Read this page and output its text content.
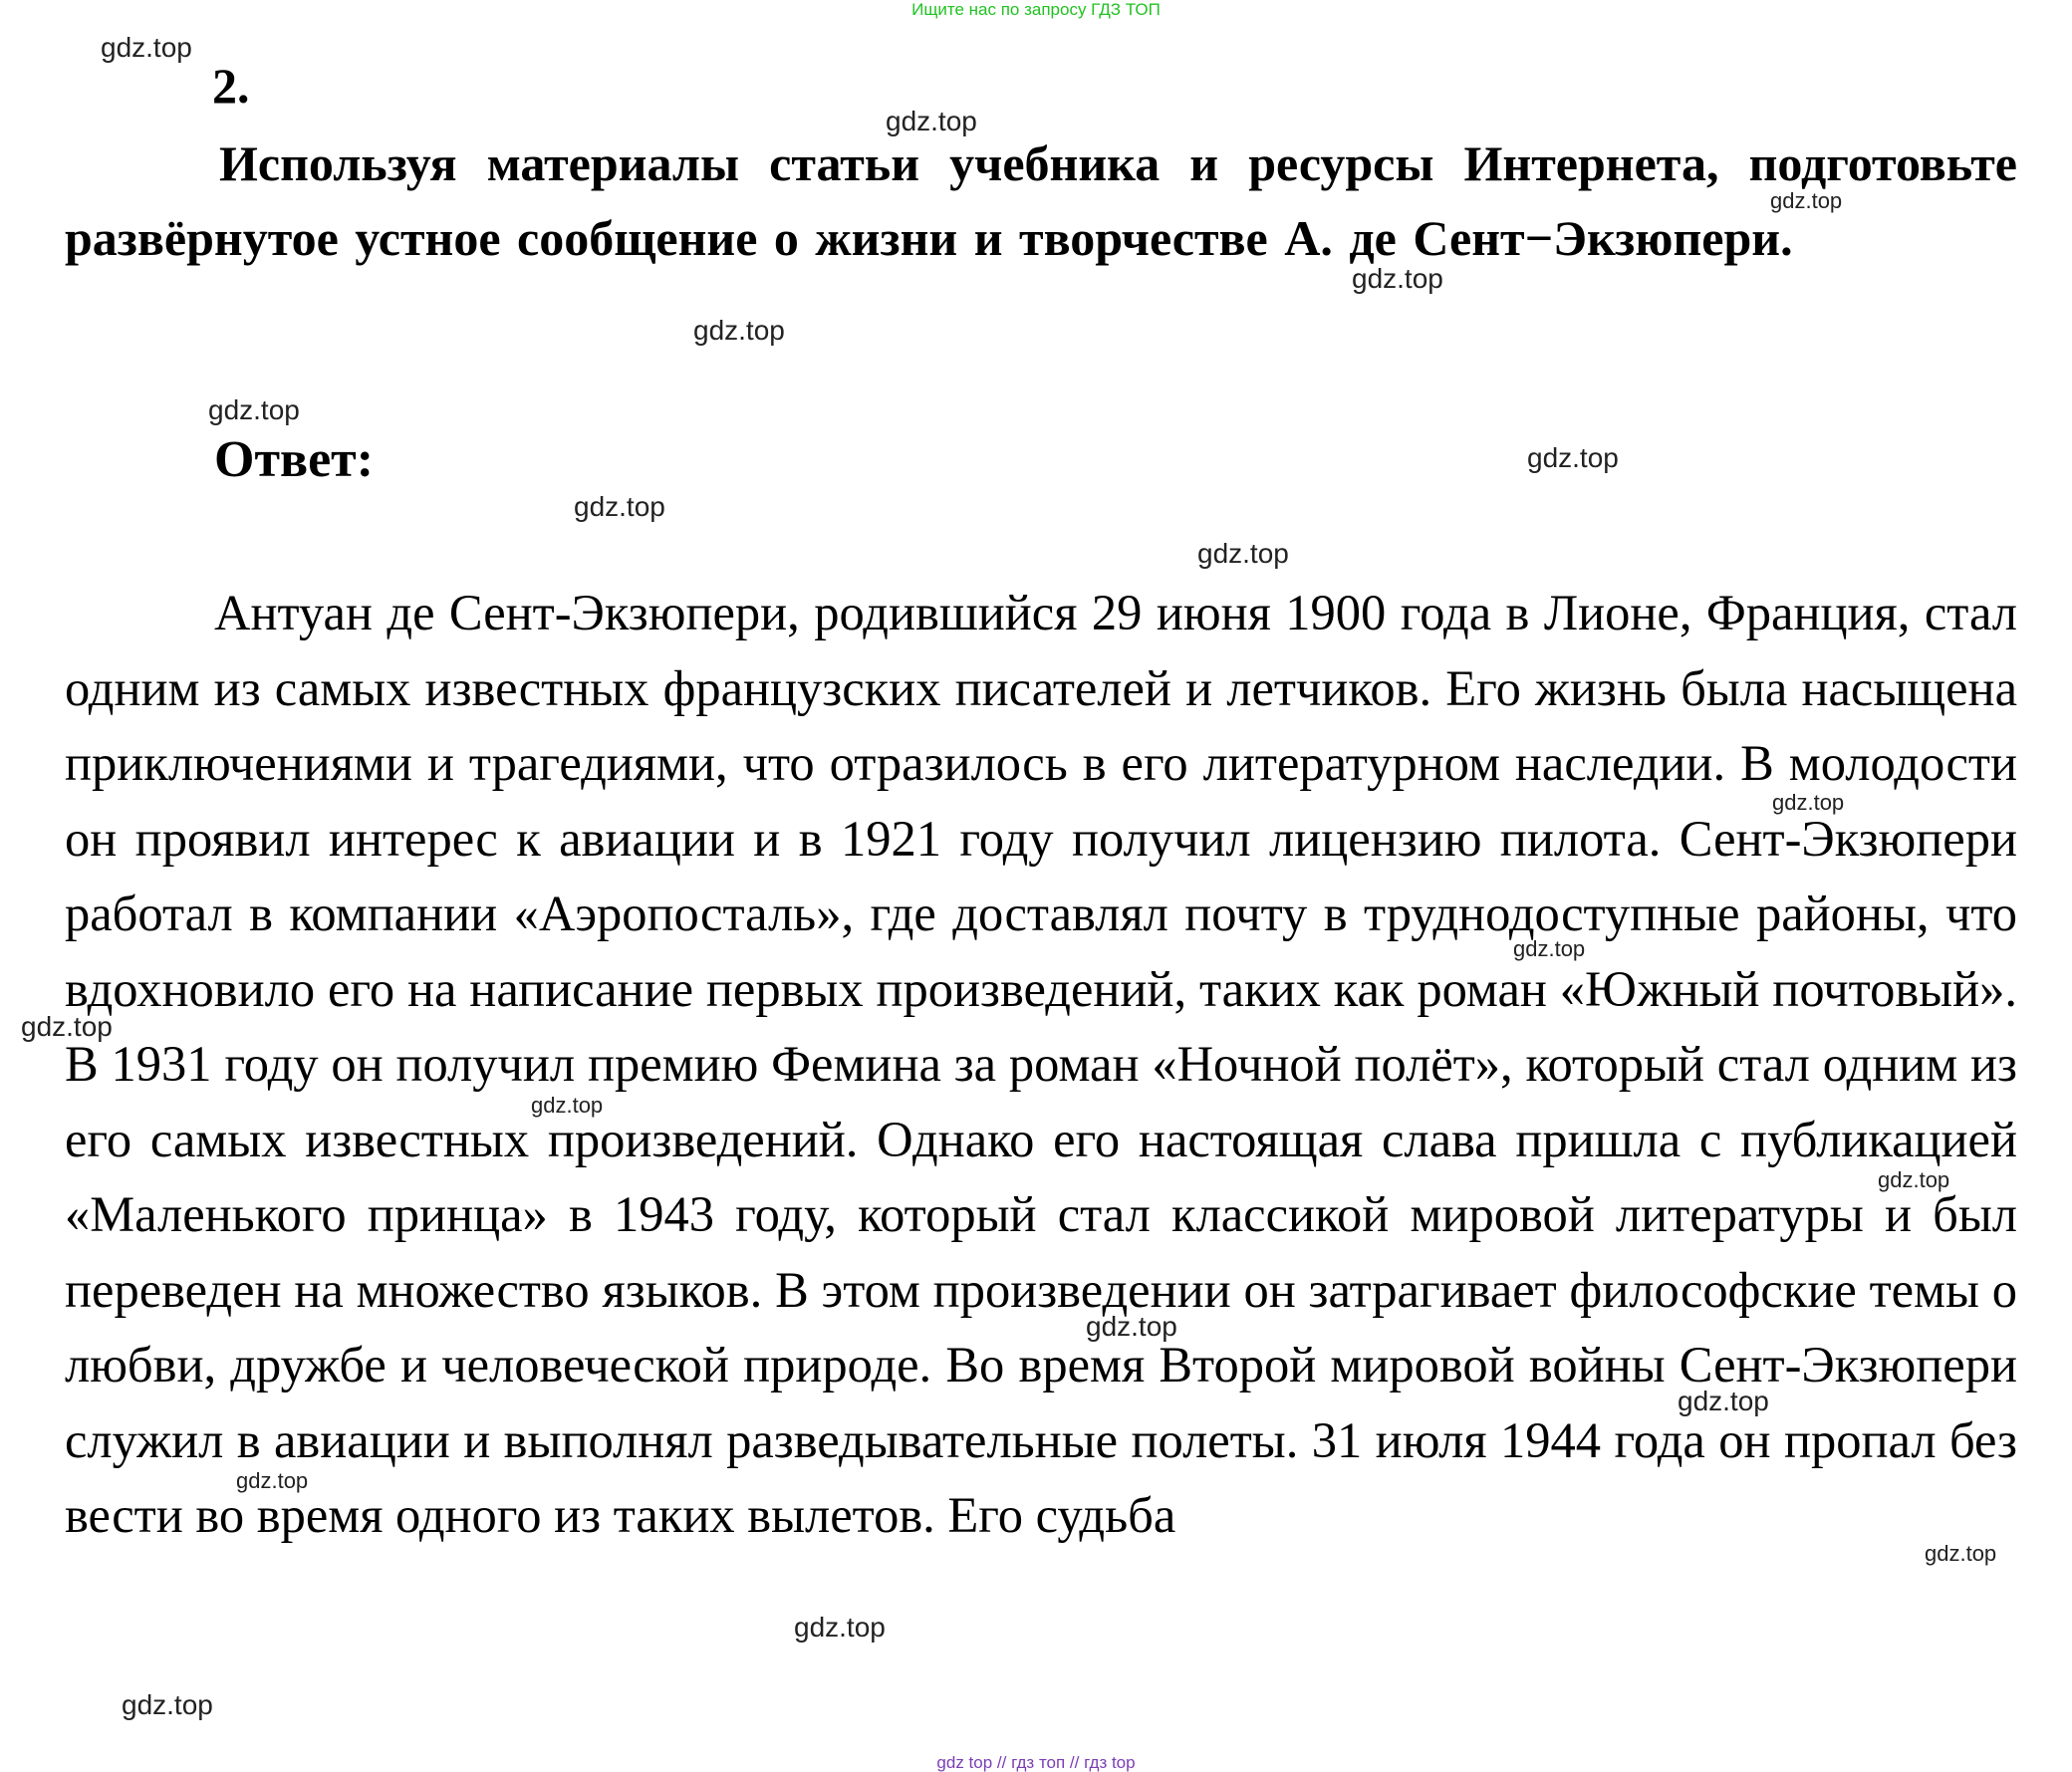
Ищите нас по запросу ГДЗ ТОП
2.

Используя материалы статьи учебника и ресурсы Интернета, подготовьте развёрнутое устное сообщение о жизни и творчестве А. де Сент−Экзюпери.

Ответ:

Антуан де Сент-Экзюпери, родившийся 29 июня 1900 года в Лионе, Франция, стал одним из самых известных французских писателей и летчиков. Его жизнь была насыщена приключениями и трагедиями, что отразилось в его литературном наследии. В молодости он проявил интерес к авиации и в 1921 году получил лицензию пилота. Сент-Экзюпери работал в компании «Аэропосталь», где доставлял почту в труднодоступные районы, что вдохновило его на написание первых произведений, таких как роман «Южный почтовый». В 1931 году он получил премию Фемина за роман «Ночной полёт», который стал одним из его самых известных произведений. Однако его настоящая слава пришла с публикацией «Маленького принца» в 1943 году, который стал классикой мировой литературы и был переведен на множество языков. В этом произведении он затрагивает философские темы о любви, дружбе и человеческой природе. Во время Второй мировой войны Сент-Экзюпери служил в авиации и выполнял разведывательные полеты. 31 июля 1944 года он пропал без вести во время одного из таких вылетов. Его судьба

gdz.top
gdz.top
gdz.top
gdz.top
gdz.top
gdz.top
gdz.top
gdz.top
gdz.top
gdz.top
gdz.top
gdz.top
gdz.top
gdz.top
gdz.top
gdz.top
gdz.top
gdz.top
gdz.top
gdz.top
gdz top // гдз топ // гдз top
